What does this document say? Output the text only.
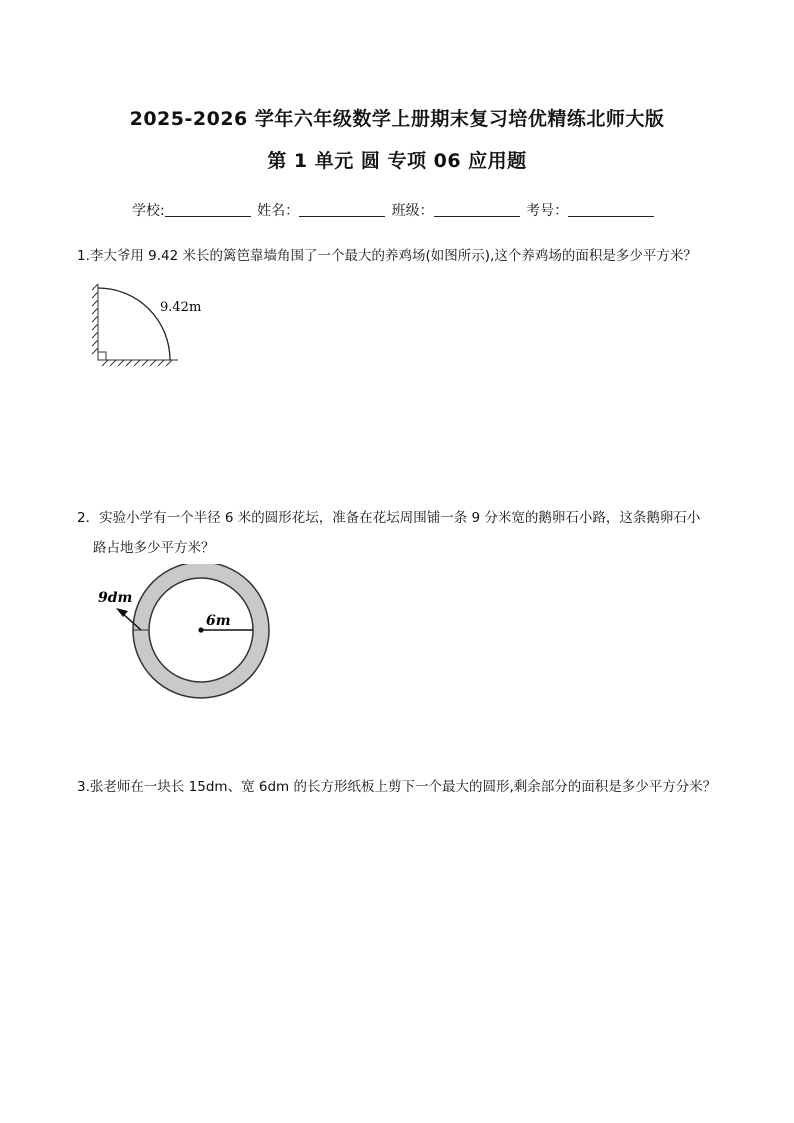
2025-2026 学年六年级数学上册期末复习培优精练北师大版
第 1 单元 圆 专项 06 应用题
学校:	姓名：	班级：	考号：
1.李大爷用 9.42 米长的篱笆靠墙角围了一个最大的养鸡场(如图所示),这个养鸡场的面积是多少平方米？
9.42m
2．实验小学有一个半径 6 米的圆形花坛，准备在花坛周围铺一条 9 分米宽的鹅卵石小路，这条鹅卵石小
路占地多少平方米？
9dm
6m
3.张老师在一块长 15dm、宽 6dm 的长方形纸板上剪下一个最大的圆形,剩余部分的面积是多少平方分米？
